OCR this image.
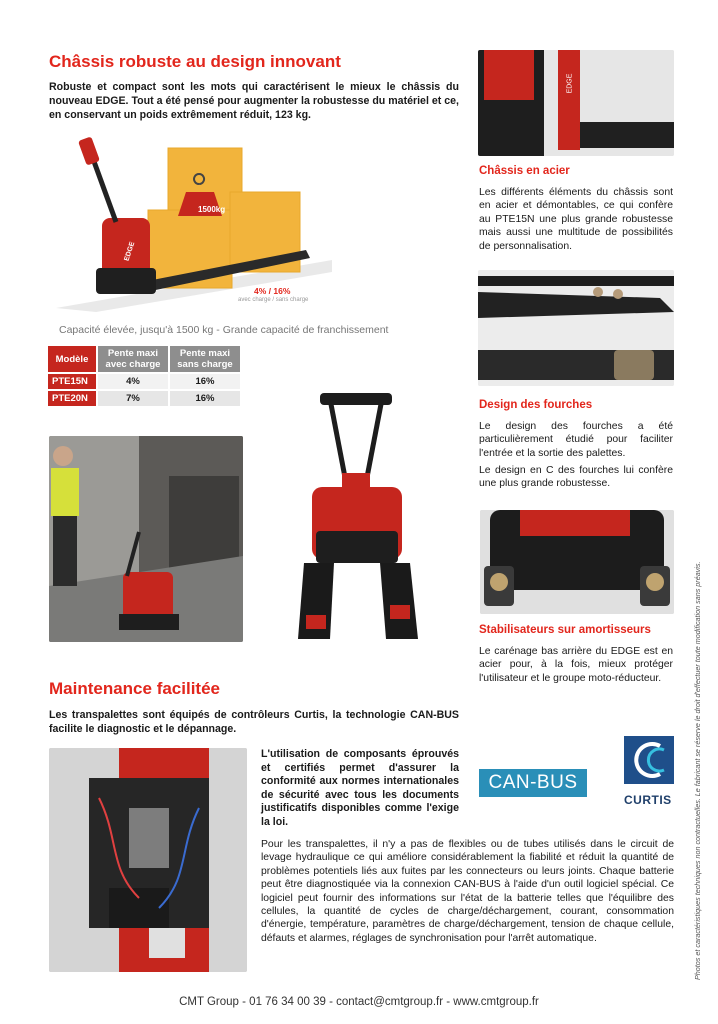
Châssis robuste au design innovant
Robuste et compact sont les mots qui caractérisent le mieux le châssis du nouveau EDGE. Tout a été pensé pour augmenter la robustesse du matériel et ce, en conservant un poids extrêmement réduit, 123 kg.
EDGE
1500kg
4% / 16%
avec charge / sans charge
Capacité élevée, jusqu'à 1500 kg - Grande capacité de franchissement
Modèle	Pente maxi avec charge	Pente maxi sans charge
PTE15N	4%	16%
PTE20N	7%	16%
EDGE
Châssis en acier
Les différents éléments du châssis sont en acier et démontables, ce qui confère au PTE15N une plus grande robustesse mais aussi une multitude de possibilités de personnalisation.
Design des fourches
Le design des fourches a été particulièrement étudié pour faciliter l'entrée et la sortie des palettes.
Le design en C des fourches lui confère une plus grande robustesse.
Stabilisateurs sur amortisseurs
Le carénage bas arrière du EDGE est en acier pour, à la fois, mieux protéger l'utilisateur et le groupe moto-réducteur.
Maintenance facilitée
Les transpalettes sont équipés de contrôleurs Curtis, la technologie CAN-BUS facilite le diagnostic et le dépannage.
L'utilisation de composants éprouvés et certifiés permet d'assurer la conformité aux normes internationales de sécurité avec tous les documents justificatifs disponibles comme l'exige la loi.
CAN-BUS
CURTIS
Pour les transpalettes, il n'y a pas de flexibles ou de tubes utilisés dans le circuit de levage hydraulique ce qui améliore considérablement la fiabilité et réduit la quantité de problèmes potentiels liés aux fuites par les connecteurs ou leurs joints. Chaque batterie peut être diagnostiquée via la connexion CAN-BUS à l'aide d'un outil logiciel spécial. Ce logiciel peut fournir des informations sur l'état de la batterie telles que l'équilibre des cellules, la quantité de cycles de charge/déchargement, courant, consommation d'énergie, température, paramètres de charge/déchargement, tension de chaque cellule, défauts et alarmes, réglages de synchronisation pour l'arrêt automatique.	Photos et caractéristiques techniques non contractuelles. Le fabricant se réserve le droit d'effectuer toute modification sans préavis.
CMT Group - 01 76 34 00 39 - contact@cmtgroup.fr - www.cmtgroup.fr
